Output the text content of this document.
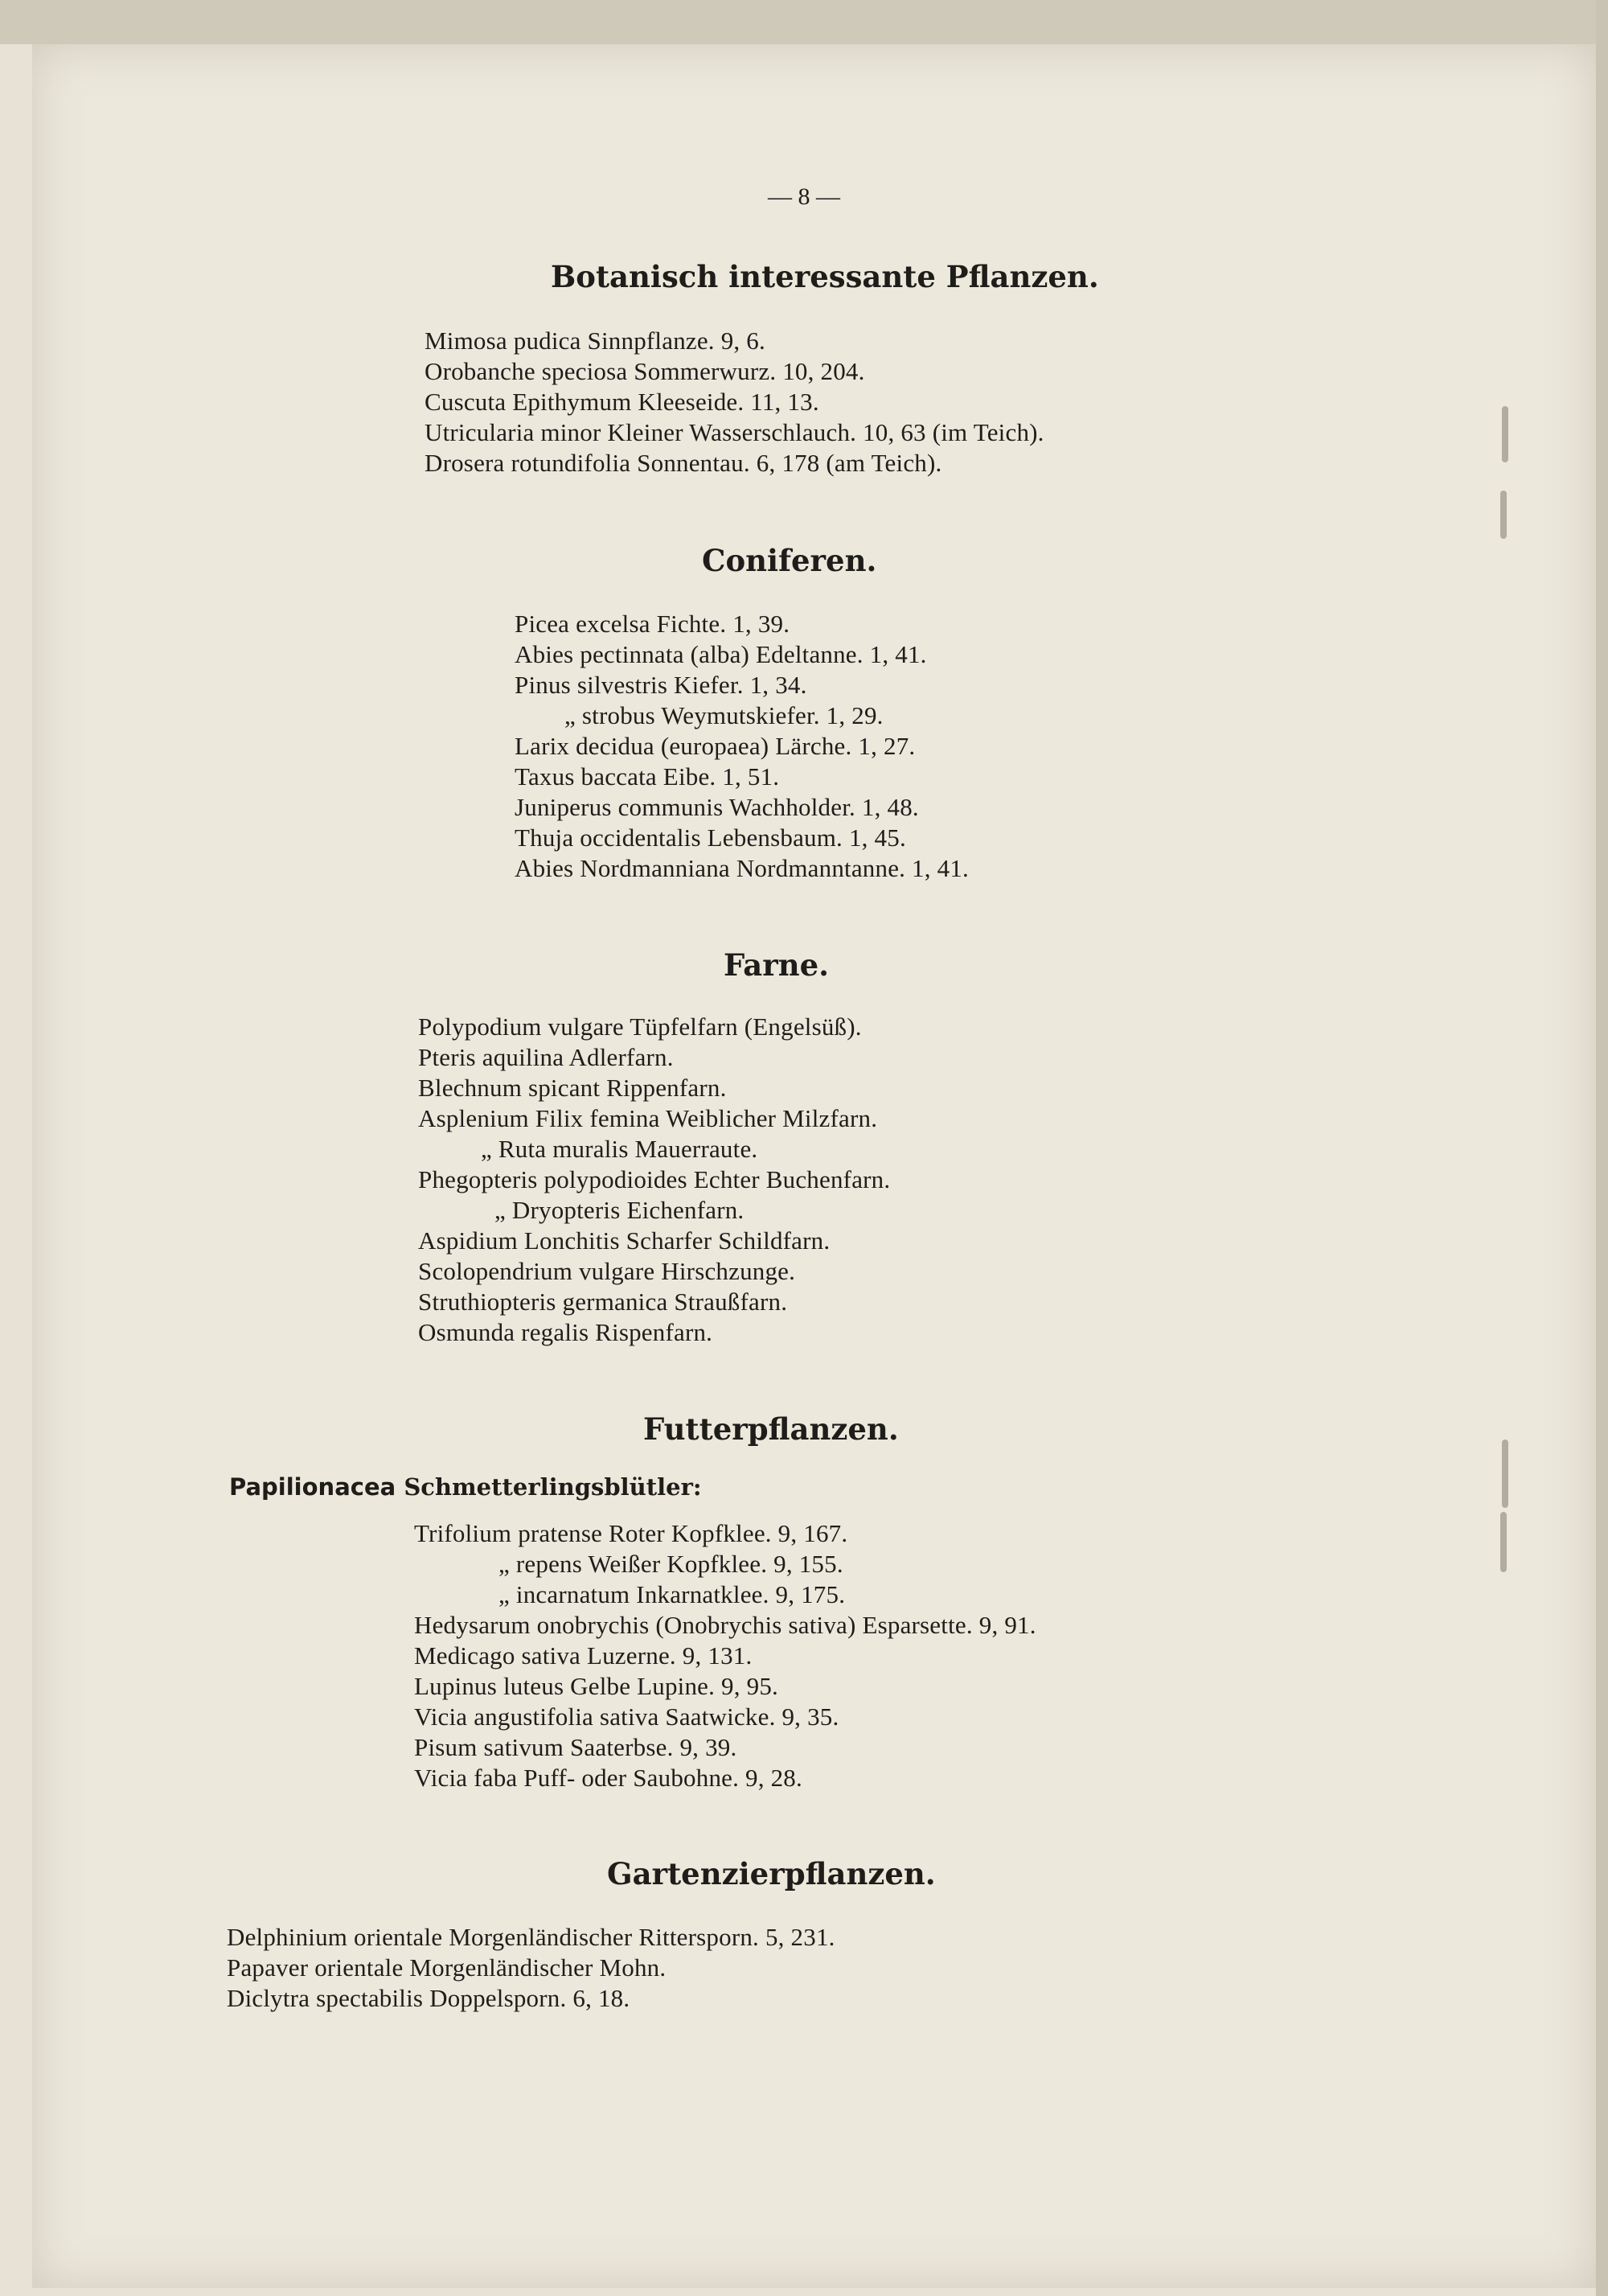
— 8 —
Botanisch interessante Pflanzen.
Mimosa pudica Sinnpflanze. 9, 6.
Orobanche speciosa Sommerwurz. 10, 204.
Cuscuta Epithymum Kleeseide. 11, 13.
Utricularia minor Kleiner Wasserschlauch. 10, 63 (im Teich).
Drosera rotundifolia Sonnentau. 6, 178 (am Teich).
Coniferen.
Picea excelsa Fichte. 1, 39.
Abies pectinnata (alba) Edeltanne. 1, 41.
Pinus silvestris Kiefer. 1, 34.
„ strobus Weymutskiefer. 1, 29.
Larix decidua (europaea) Lärche. 1, 27.
Taxus baccata Eibe. 1, 51.
Juniperus communis Wachholder. 1, 48.
Thuja occidentalis Lebensbaum. 1, 45.
Abies Nordmanniana Nordmanntanne. 1, 41.
Farne.
Polypodium vulgare Tüpfelfarn (Engelsüß).
Pteris aquilina Adlerfarn.
Blechnum spicant Rippenfarn.
Asplenium Filix femina Weiblicher Milzfarn.
„ Ruta muralis Mauerraute.
Phegopteris polypodioides Echter Buchenfarn.
„ Dryopteris Eichenfarn.
Aspidium Lonchitis Scharfer Schildfarn.
Scolopendrium vulgare Hirschzunge.
Struthiopteris germanica Straußfarn.
Osmunda regalis Rispenfarn.
Futterpflanzen.
Papilionacea Schmetterlingsblütler:
Trifolium pratense Roter Kopfklee. 9, 167.
„ repens Weißer Kopfklee. 9, 155.
„ incarnatum Inkarnatklee. 9, 175.
Hedysarum onobrychis (Onobrychis sativa) Esparsette. 9, 91.
Medicago sativa Luzerne. 9, 131.
Lupinus luteus Gelbe Lupine. 9, 95.
Vicia angustifolia sativa Saatwicke. 9, 35.
Pisum sativum Saaterbse. 9, 39.
Vicia faba Puff- oder Saubohne. 9, 28.
Gartenzierpflanzen.
Delphinium orientale Morgenländischer Rittersporn. 5, 231.
Papaver orientale Morgenländischer Mohn.
Diclytra spectabilis Doppelsporn. 6, 18.
